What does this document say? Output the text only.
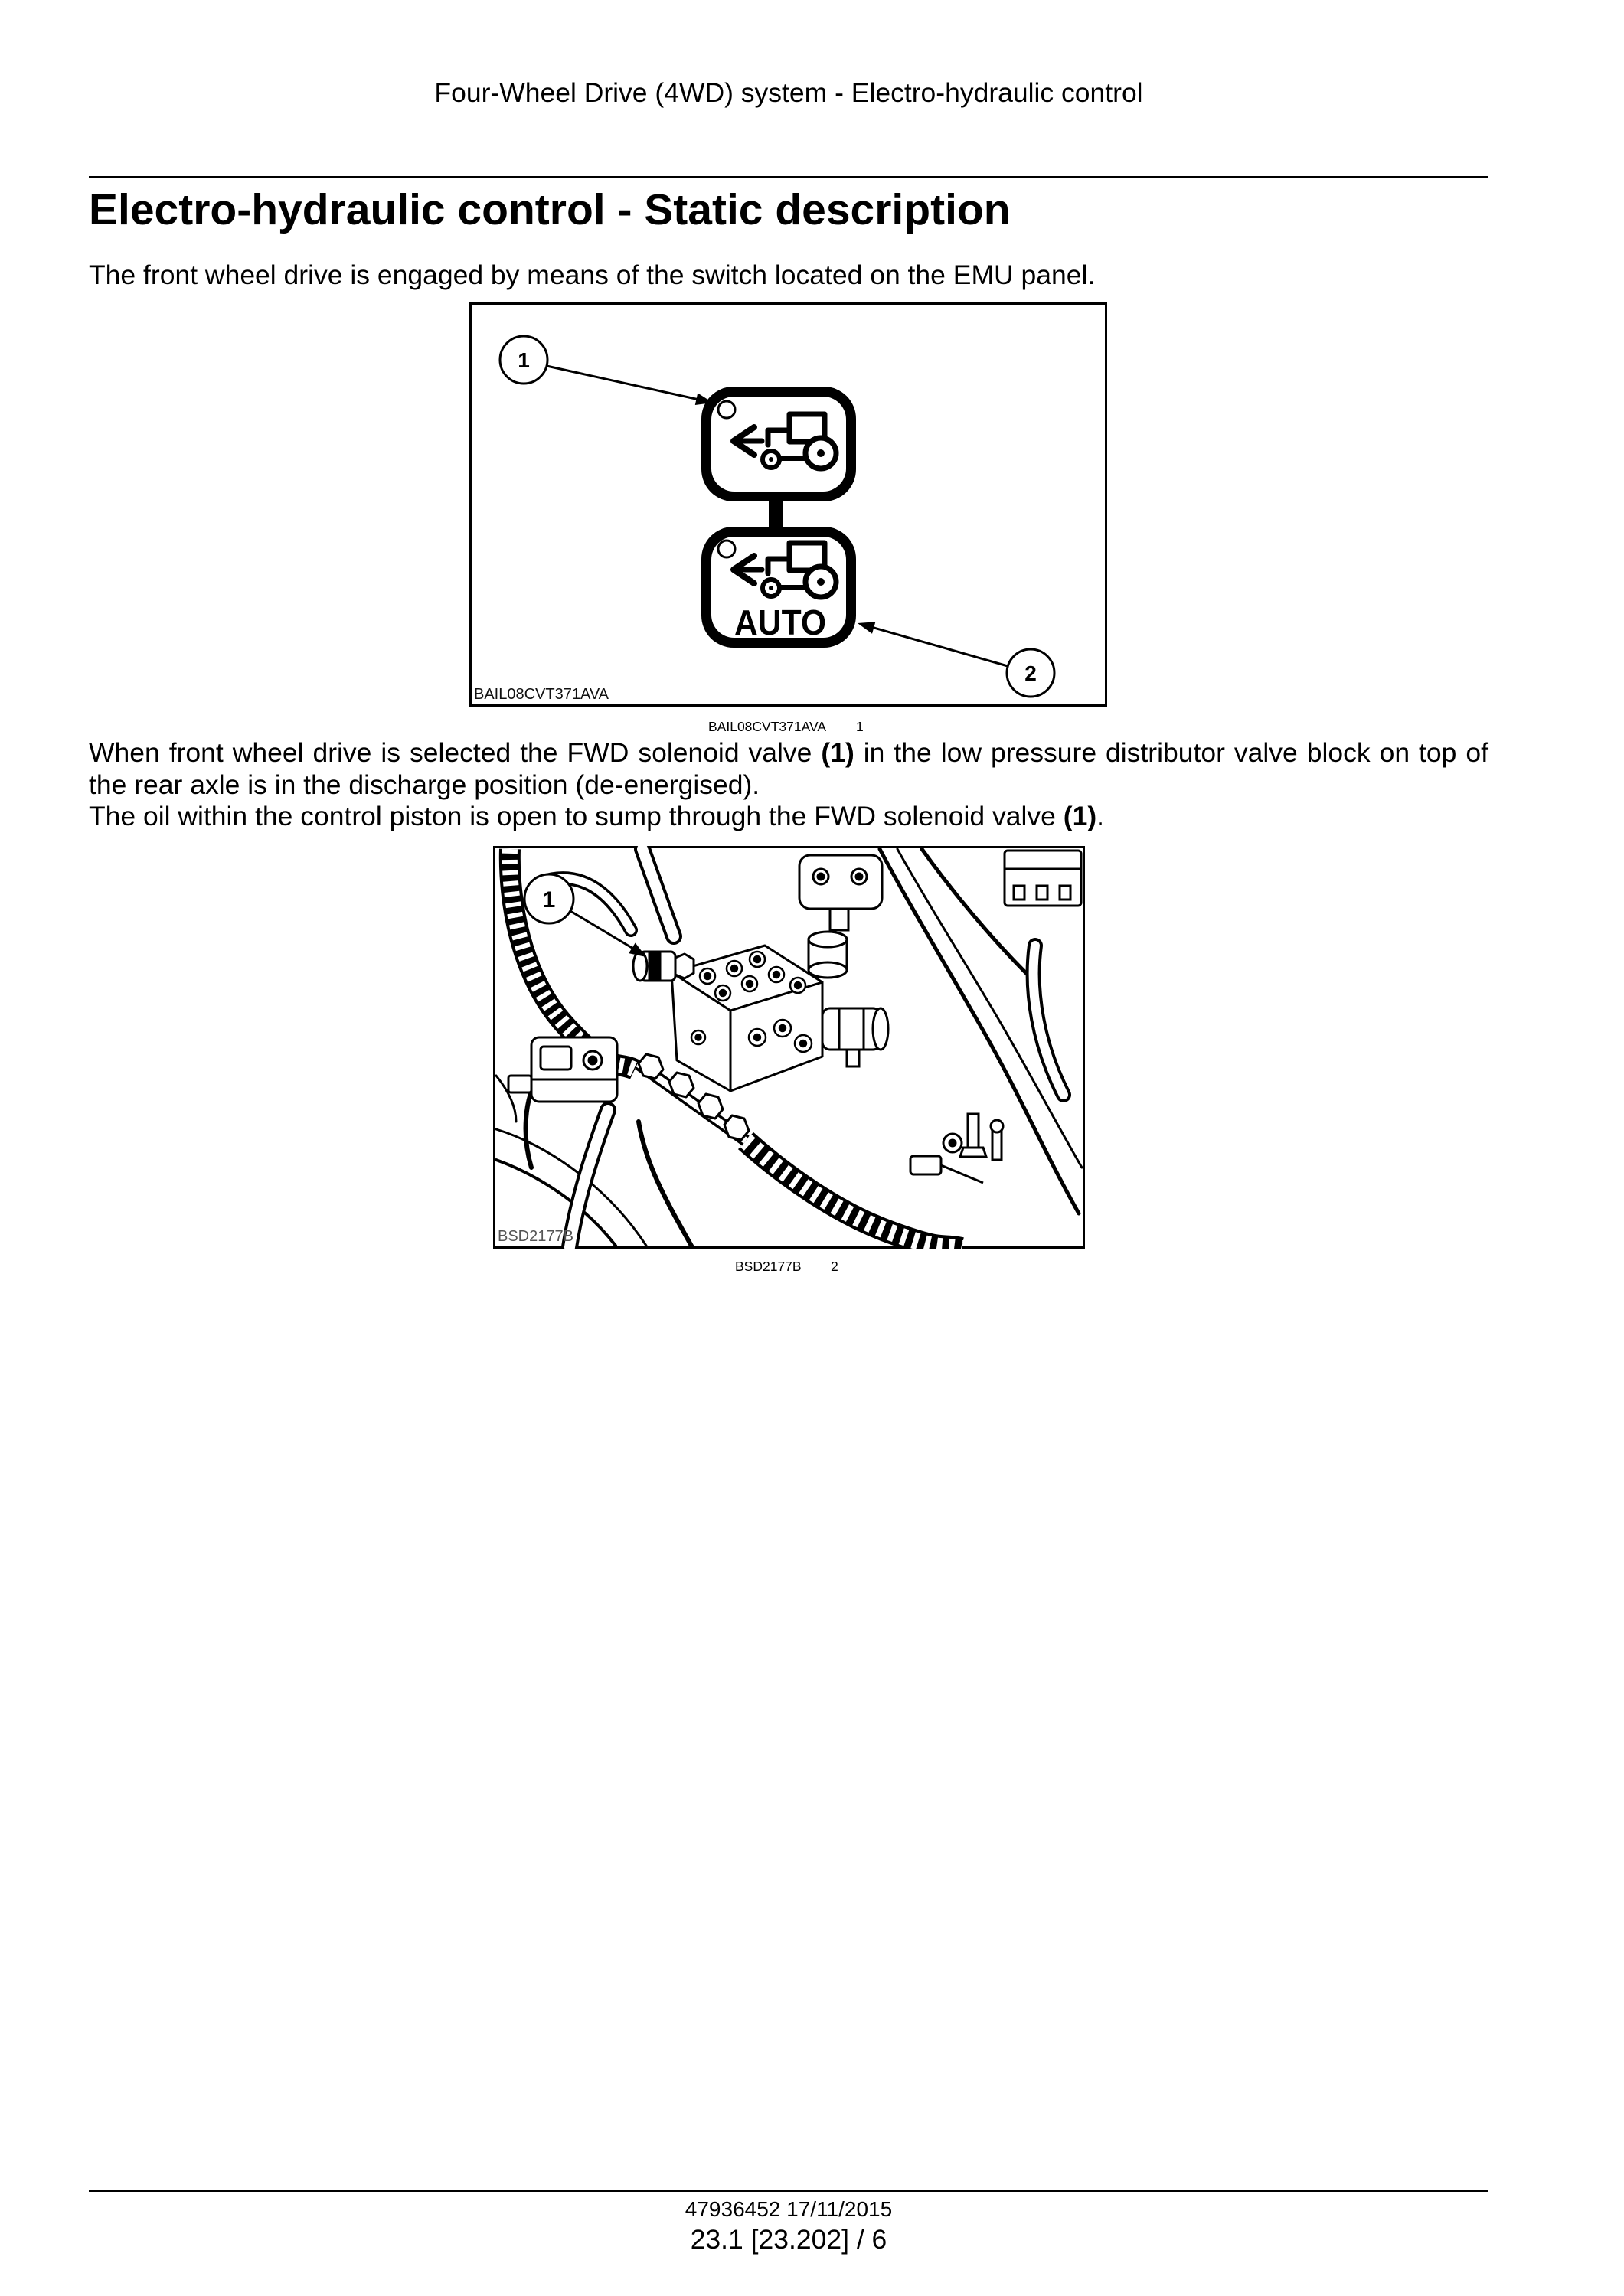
Four-Wheel Drive (4WD) system - Electro-hydraulic control
Electro-hydraulic control - Static description
The front wheel drive is engaged by means of the switch located on the EMU panel.
AUTO
1
2
BAIL08CVT371AVA
BAIL08CVT371AVA 1
When front wheel drive is selected the FWD solenoid valve (1) in the low pressure distributor valve block on top of the rear axle is in the discharge position (de-energised).
The oil within the control piston is open to sump through the FWD solenoid valve (1).
1
BSD2177B
BSD2177B 2
47936452 17/11/2015
23.1 [23.202] / 6
